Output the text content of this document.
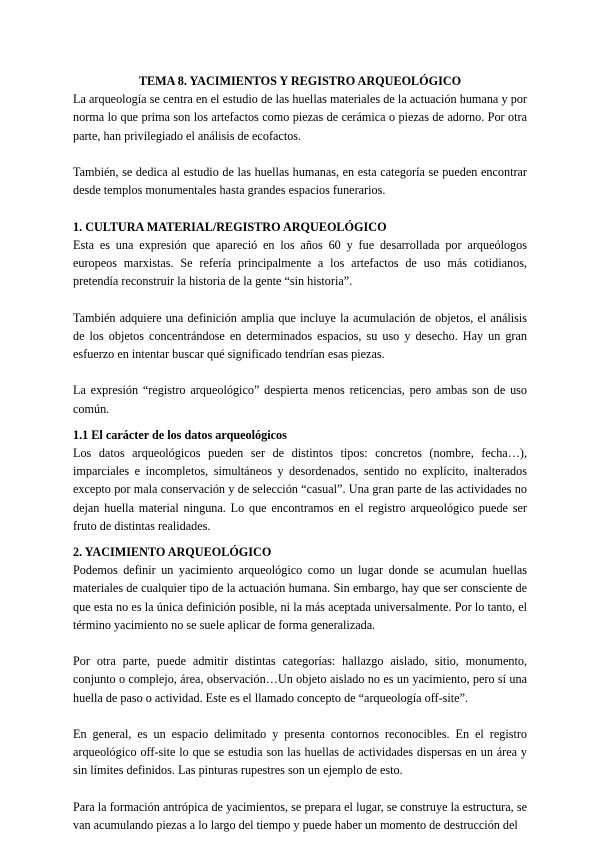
TEMA 8. YACIMIENTOS Y REGISTRO ARQUEOLÓGICO

La arqueología se centra en el estudio de las huellas materiales de la actuación humana y por norma lo que prima son los artefactos como piezas de cerámica o piezas de adorno. Por otra parte, han privilegiado el análisis de ecofactos.

También, se dedica al estudio de las huellas humanas, en esta categoría se pueden encontrar desde templos monumentales hasta grandes espacios funerarios.

1. CULTURA MATERIAL/REGISTRO ARQUEOLÓGICO

Esta es una expresión que apareció en los años 60 y fue desarrollada por arqueólogos europeos marxistas. Se refería principalmente a los artefactos de uso más cotidianos, pretendía reconstruir la historia de la gente “sin historia”.

También adquiere una definición amplia que incluye la acumulación de objetos, el análisis de los objetos concentrándose en determinados espacios, su uso y desecho. Hay un gran esfuerzo en intentar buscar qué significado tendrían esas piezas.

La expresión “registro arqueológico” despierta menos reticencias, pero ambas son de uso común.

1.1 El carácter de los datos arqueológicos

Los datos arqueológicos pueden ser de distintos tipos: concretos (nombre, fecha…), imparciales e incompletos, simultáneos y desordenados, sentido no explícito, inalterados excepto por mala conservación y de selección “casual”. Una gran parte de las actividades no dejan huella material ninguna. Lo que encontramos en el registro arqueológico puede ser fruto de distintas realidades.

2. YACIMIENTO ARQUEOLÓGICO

Podemos definir un yacimiento arqueológico como un lugar donde se acumulan huellas materiales de cualquier tipo de la actuación humana. Sin embargo, hay que ser consciente de que esta no es la única definición posible, ni la más aceptada universalmente. Por lo tanto, el término yacimiento no se suele aplicar de forma generalizada.

Por otra parte, puede admitir distintas categorías: hallazgo aislado, sitio, monumento, conjunto o complejo, área, observación…Un objeto aislado no es un yacimiento, pero sí una huella de paso o actividad. Este es el llamado concepto de “arqueología off-site”.

En general, es un espacio delimitado y presenta contornos reconocibles. En el registro arqueológico off-site lo que se estudia son las huellas de actividades dispersas en un área y sin límites definidos. Las pinturas rupestres son un ejemplo de esto.

Para la formación antrópica de yacimientos, se prepara el lugar, se construye la estructura, se van acumulando piezas a lo largo del tiempo y puede haber un momento de destrucción del
